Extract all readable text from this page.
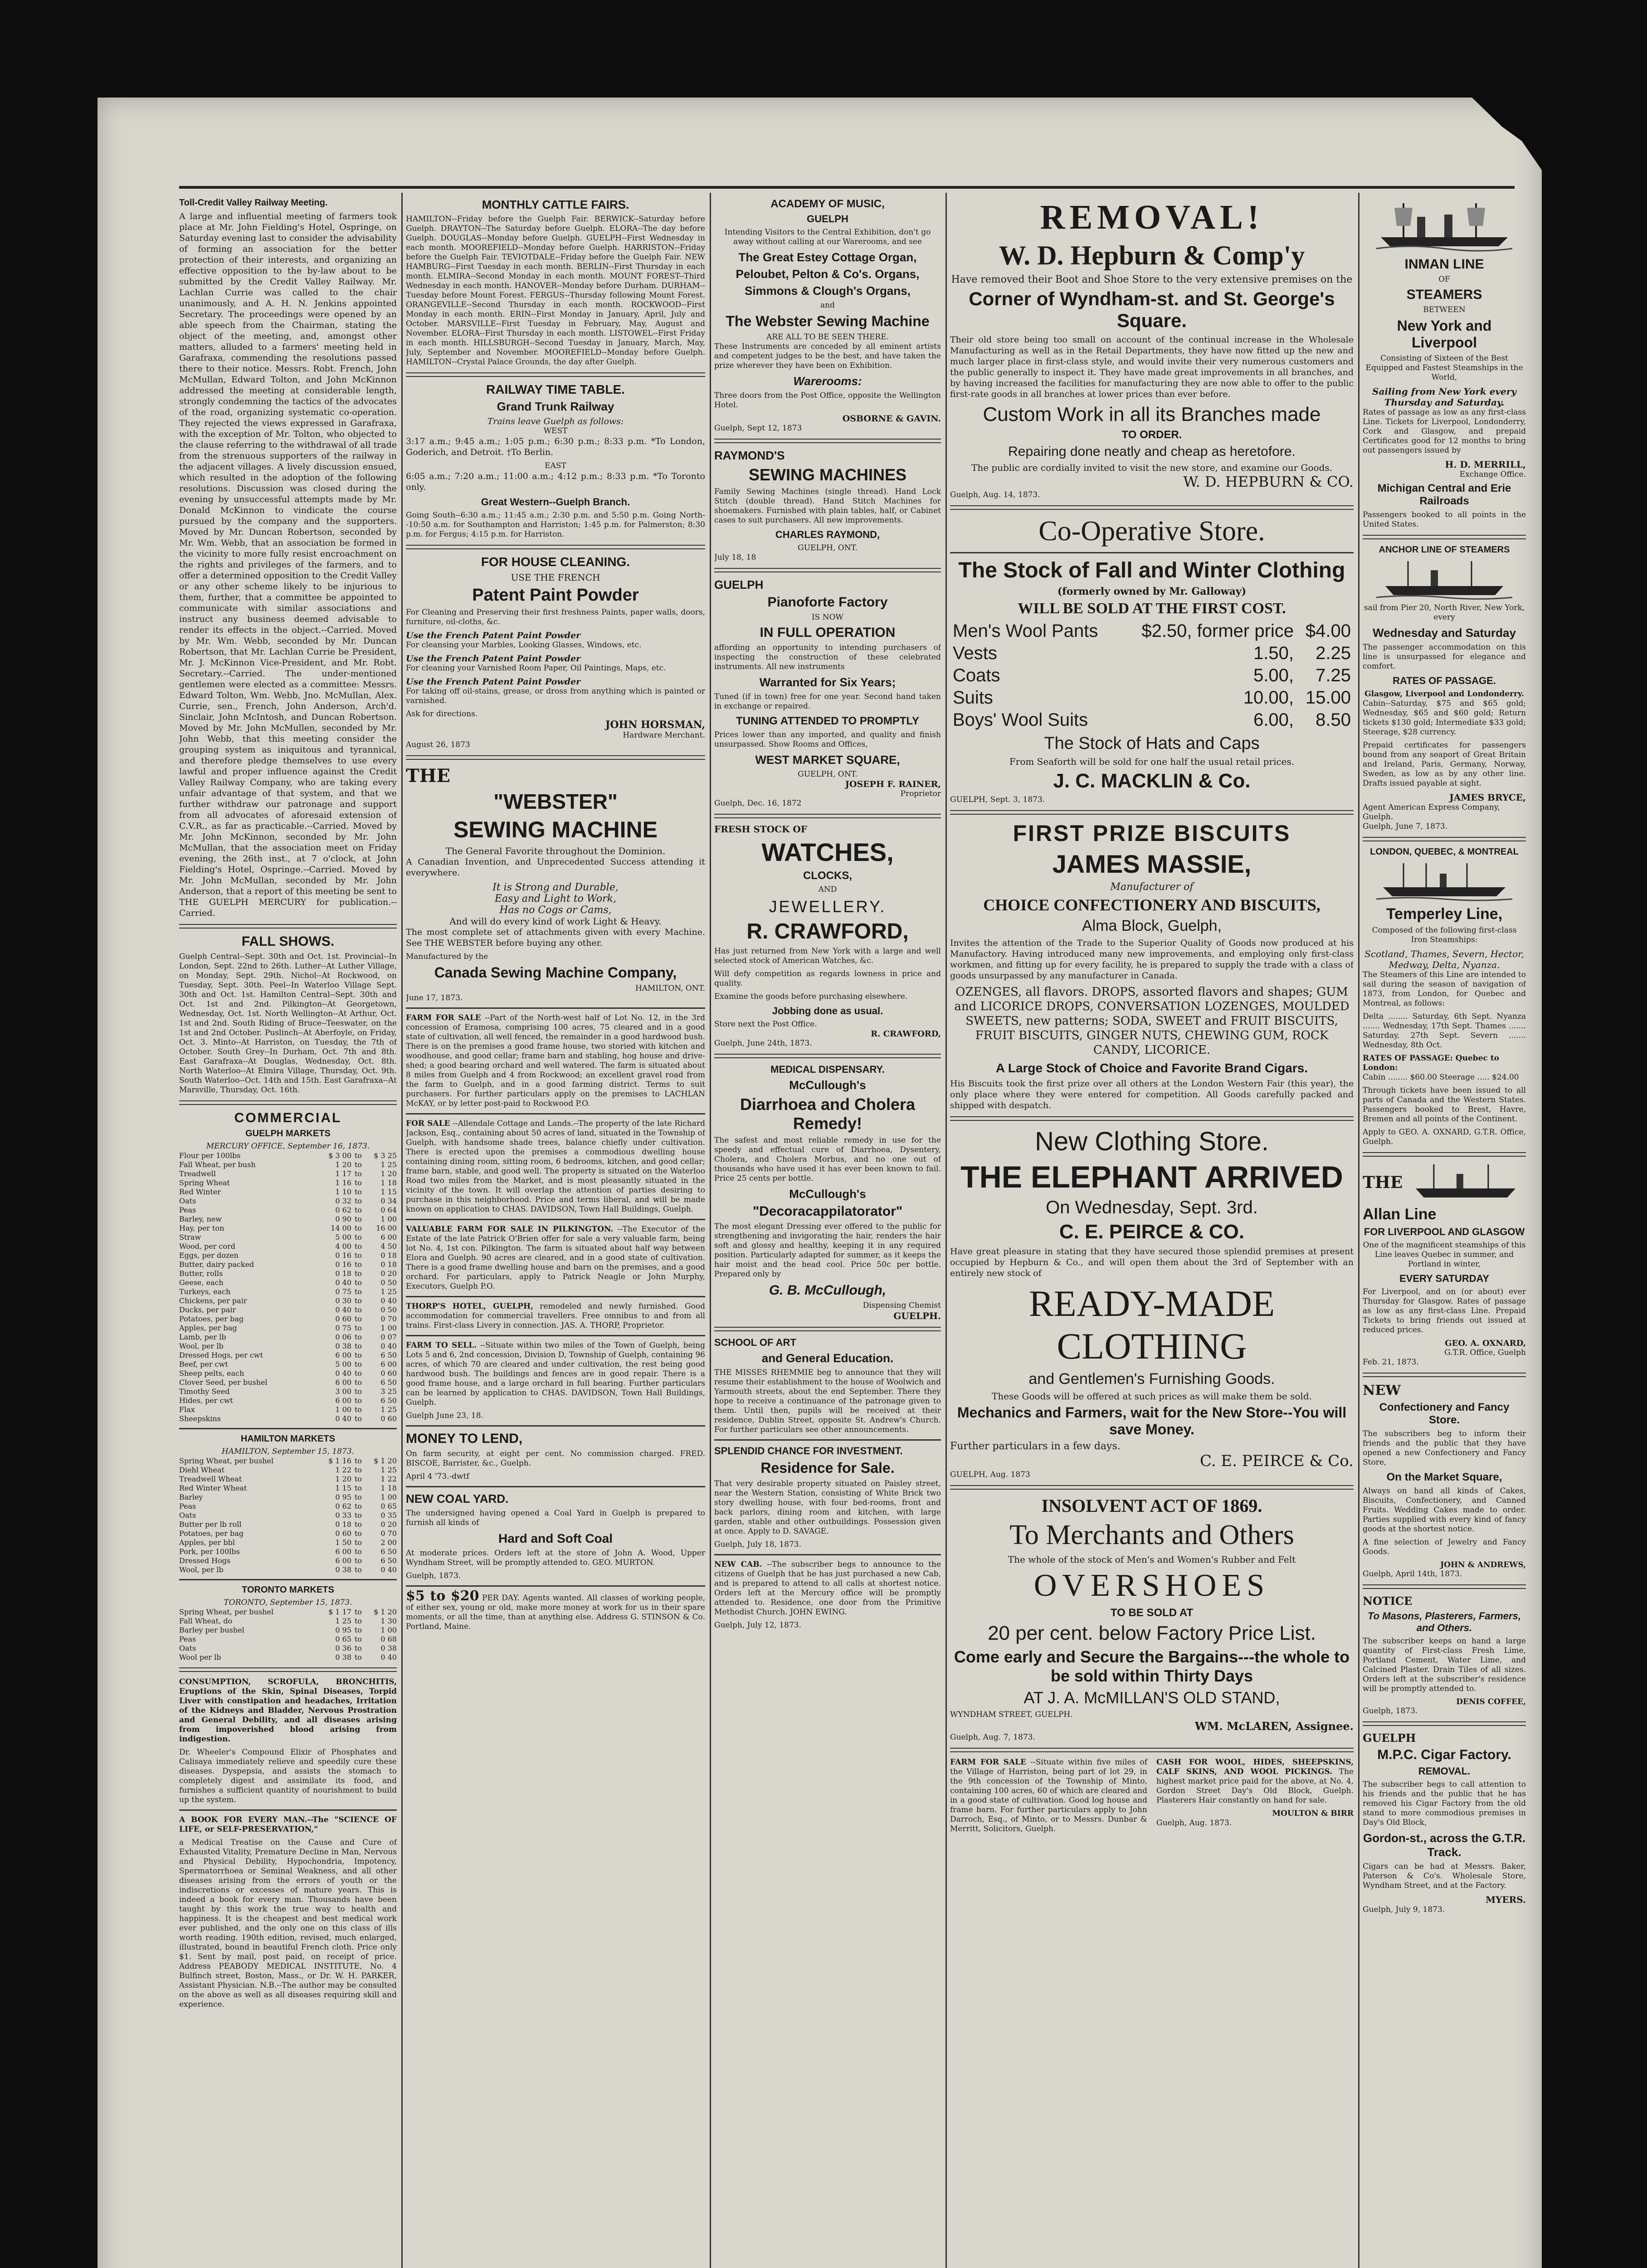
Toll-Credit Valley Railway Meeting.

A large and influential meeting of farmers took place at Mr. John Fielding's Hotel, Ospringe, on Saturday evening last to consider the advisability of forming an association for the better protection of their interests, and organizing an effective opposition to the by-law about to be submitted by the Credit Valley Railway. Mr. Lachlan Currie was called to the chair unanimously, and A. H. N. Jenkins appointed Secretary. The proceedings were opened by an able speech from the Chairman, stating the object of the meeting, and, amongst other matters, alluded to a farmers' meeting held in Garafraxa, commending the resolutions passed there to their notice. Messrs. Robt. French, John McMullan, Edward Tolton, and John McKinnon addressed the meeting at considerable length, strongly condemning the tactics of the advocates of the road, organizing systematic co-operation. They rejected the views expressed in Garafraxa, with the exception of Mr. Tolton, who objected to the clause referring to the withdrawal of all trade from the strenuous supporters of the railway in the adjacent villages. A lively discussion ensued, which resulted in the adoption of the following resolutions. Discussion was closed during the evening by unsuccessful attempts made by Mr. Donald McKinnon to vindicate the course pursued by the company and the supporters. Moved by Mr. Duncan Robertson, seconded by Mr. Wm. Webb, that an association be formed in the vicinity to more fully resist encroachment on the rights and privileges of the farmers, and to offer a determined opposition to the Credit Valley or any other scheme likely to be injurious to them, further, that a committee be appointed to communicate with similar associations and instruct any business deemed advisable to render its effects in the object.--Carried. Moved by Mr. Wm. Webb, seconded by Mr. Duncan Robertson, that Mr. Lachlan Currie be President, Mr. J. McKinnon Vice-President, and Mr. Robt. Secretary.--Carried. The under-mentioned gentlemen were elected as a committee: Messrs. Edward Tolton, Wm. Webb, Jno. McMullan, Alex. Currie, sen., French, John Anderson, Arch'd. Sinclair, John McIntosh, and Duncan Robertson. Moved by Mr. John McMullen, seconded by Mr. John Webb, that this meeting consider the grouping system as iniquitous and tyrannical, and therefore pledge themselves to use every lawful and proper influence against the Credit Valley Railway Company, who are taking every unfair advantage of that system, and that we further withdraw our patronage and support from all advocates of aforesaid extension of C.V.R., as far as practicable.--Carried. Moved by Mr. John McKinnon, seconded by Mr. John McMullan, that the association meet on Friday evening, the 26th inst., at 7 o'clock, at John Fielding's Hotel, Ospringe.--Carried. Moved by Mr. John McMullan, seconded by Mr. John Anderson, that a report of this meeting be sent to THE GUELPH MERCURY for publication.--Carried.

FALL SHOWS.

Guelph Central--Sept. 30th and Oct. 1st. Provincial--In London, Sept. 22nd to 26th. Luther--At Luther Village, on Monday, Sept. 29th. Nichol--At Rockwood, on Tuesday, Sept. 30th. Peel--In Waterloo Village Sept. 30th and Oct. 1st. Hamilton Central--Sept. 30th and Oct. 1st and 2nd. Pilkington--At Georgetown, Wednesday, Oct. 1st. North Wellington--At Arthur, Oct. 1st and 2nd. South Riding of Bruce--Teeswater, on the 1st and 2nd October. Puslinch--At Aberfoyle, on Friday, Oct. 3. Minto--At Harriston, on Tuesday, the 7th of October. South Grey--In Durham, Oct. 7th and 8th. East Garafraxa--At Douglas, Wednesday, Oct. 8th. North Waterloo--At Elmira Village, Thursday, Oct. 9th. South Waterloo--Oct. 14th and 15th. East Garafraxa--At Marsville, Thursday, Oct. 16th.

COMMERCIAL
GUELPH MARKETS
MERCURY OFFICE, September 16, 1873.
Flour per 100lbs	$ 3 00 to	$ 3 25
Fall Wheat, per bush	1 20 to	1 25
Treadwell	1 17 to	1 20
Spring Wheat	1 16 to	1 18
Red Winter	1 10 to	1 15
Oats	0 32 to	0 34
Peas	0 62 to	0 64
Barley, new	0 90 to	1 00
Hay, per ton	14 00 to	16 00
Straw	5 00 to	6 00
Wood, per cord	4 00 to	4 50
Eggs, per dozen	0 16 to	0 18
Butter, dairy packed	0 16 to	0 18
Butter, rolls	0 18 to	0 20
Geese, each	0 40 to	0 50
Turkeys, each	0 75 to	1 25
Chickens, per pair	0 30 to	0 40
Ducks, per pair	0 40 to	0 50
Potatoes, per bag	0 60 to	0 70
Apples, per bag	0 75 to	1 00
Lamb, per lb	0 06 to	0 07
Wool, per lb	0 38 to	0 40
Dressed Hogs, per cwt	6 00 to	6 50
Beef, per cwt	5 00 to	6 00
Sheep pelts, each	0 40 to	0 60
Clover Seed, per bushel	6 00 to	6 50
Timothy Seed	3 00 to	3 25
Hides, per cwt	6 00 to	6 50
Flax	1 00 to	1 25
Sheepskins	0 40 to	0 60
HAMILTON MARKETS
HAMILTON, September 15, 1873.
Spring Wheat, per bushel	$ 1 16 to	$ 1 20
Diehl Wheat	1 22 to	1 25
Treadwell Wheat	1 20 to	1 22
Red Winter Wheat	1 15 to	1 18
Barley	0 95 to	1 00
Peas	0 62 to	0 65
Oats	0 33 to	0 35
Butter per lb roll	0 18 to	0 20
Potatoes, per bag	0 60 to	0 70
Apples, per bbl	1 50 to	2 00
Pork, per 100lbs	6 00 to	6 50
Dressed Hogs	6 00 to	6 50
Wool, per lb	0 38 to	0 40
TORONTO MARKETS
TORONTO, September 15, 1873.
Spring Wheat, per bushel	$ 1 17 to	$ 1 20
Fall Wheat, do	1 25 to	1 30
Barley per bushel	0 95 to	1 00
Peas	0 65 to	0 68
Oats	0 36 to	0 38
Wool per lb	0 38 to	0 40

CONSUMPTION, SCROFULA, BRONCHITIS, Eruptions of the Skin, Spinal Diseases, Torpid Liver with constipation and headaches, Irritation of the Kidneys and Bladder, Nervous Prostration and General Debility, and all diseases arising from impoverished blood arising from indigestion.

Dr. Wheeler's Compound Elixir of Phosphates and Calisaya immediately relieve and speedily cure these diseases. Dyspepsia, and assists the stomach to completely digest and assimilate its food, and furnishes a sufficient quantity of nourishment to build up the system.

A BOOK FOR EVERY MAN.--The "SCIENCE OF LIFE, or SELF-PRESERVATION,"

a Medical Treatise on the Cause and Cure of Exhausted Vitality, Premature Decline in Man, Nervous and Physical Debility, Hypochondria, Impotency, Spermatorrhoea or Seminal Weakness, and all other diseases arising from the errors of youth or the indiscretions or excesses of mature years. This is indeed a book for every man. Thousands have been taught by this work the true way to health and happiness. It is the cheapest and best medical work ever published, and the only one on this class of ills worth reading. 190th edition, revised, much enlarged, illustrated, bound in beautiful French cloth. Price only $1. Sent by mail, post paid, on receipt of price. Address PEABODY MEDICAL INSTITUTE, No. 4 Bulfinch street, Boston, Mass., or Dr. W. H. PARKER, Assistant Physician. N.B.--The author may be consulted on the above as well as all diseases requiring skill and experience.

MONTHLY CATTLE FAIRS.

HAMILTON--Friday before the Guelph Fair. BERWICK--Saturday before Guelph. DRAYTON--The Saturday before Guelph. ELORA--The day before Guelph. DOUGLAS--Monday before Guelph. GUELPH--First Wednesday in each month. MOOREFIELD--Monday before Guelph. HARRISTON--Friday before the Guelph Fair. TEVIOTDALE--Friday before the Guelph Fair. NEW HAMBURG--First Tuesday in each month. BERLIN--First Thursday in each month. ELMIRA--Second Monday in each month. MOUNT FOREST--Third Wednesday in each month. HANOVER--Monday before Durham. DURHAM--Tuesday before Mount Forest. FERGUS--Thursday following Mount Forest. ORANGEVILLE--Second Thursday in each month. ROCKWOOD--First Monday in each month. ERIN--First Monday in January, April, July and October. MARSVILLE--First Tuesday in February, May, August and November. ELORA--First Thursday in each month. LISTOWEL--First Friday in each month. HILLSBURGH--Second Tuesday in January, March, May, July, September and November. MOOREFIELD--Monday before Guelph. HAMILTON--Crystal Palace Grounds, the day after Guelph.

RAILWAY TIME TABLE.
Grand Trunk Railway
Trains leave Guelph as follows:
WEST

3:17 a.m.; 9:45 a.m.; 1:05 p.m.; 6:30 p.m.; 8:33 p.m. *To London, Goderich, and Detroit. †To Berlin.

EAST

6:05 a.m.; 7:20 a.m.; 11:00 a.m.; 4:12 p.m.; 8:33 p.m. *To Toronto only.

Great Western--Guelph Branch.

Going South--6:30 a.m.; 11:45 a.m.; 2:30 p.m. and 5:50 p.m. Going North--10:50 a.m. for Southampton and Harriston; 1:45 p.m. for Palmerston; 8:30 p.m. for Fergus; 4:15 p.m. for Harriston.

FOR HOUSE CLEANING.
USE THE FRENCH
Patent Paint Powder

For Cleaning and Preserving their first freshness Paints, paper walls, doors, furniture, oil-cloths, &c.

Use the French Patent Paint Powder

For cleansing your Marbles, Looking Glasses, Windows, etc.

Use the French Patent Paint Powder

For cleaning your Varnished Room Paper, Oil Paintings, Maps, etc.

Use the French Patent Paint Powder

For taking off oil-stains, grease, or dross from anything which is painted or varnished.

Ask for directions.
JOHN HORSMAN,
Hardware Merchant.
August 26, 1873
THE
"WEBSTER"
SEWING MACHINE
The General Favorite throughout the Dominion.

A Canadian Invention, and Unprecedented Success attending it everywhere.

It is Strong and Durable,
Easy and Light to Work,
Has no Cogs or Cams,
And will do every kind of work Light & Heavy.

The most complete set of attachments given with every Machine. See THE WEBSTER before buying any other.

Manufactured by the
Canada Sewing Machine Company,
HAMILTON, ONT.
June 17, 1873.

FARM FOR SALE --Part of the North-west half of Lot No. 12, in the 3rd concession of Eramosa, comprising 100 acres, 75 cleared and in a good state of cultivation, all well fenced, the remainder in a good hardwood bush. There is on the premises a good frame house, two storied with kitchen and woodhouse, and good cellar; frame barn and stabling, hog house and drive-shed; a good bearing orchard and well watered. The farm is situated about 8 miles from Guelph and 4 from Rockwood; an excellent gravel road from the farm to Guelph, and in a good farming district. Terms to suit purchasers. For further particulars apply on the premises to LACHLAN McKAY, or by letter post-paid to Rockwood P.O.

FOR SALE --Allendale Cottage and Lands.--The property of the late Richard Jackson, Esq., containing about 50 acres of land, situated in the Township of Guelph, with handsome shade trees, balance chiefly under cultivation. There is erected upon the premises a commodious dwelling house containing dining room, sitting room, 6 bedrooms, kitchen, and good cellar; frame barn, stable, and good well. The property is situated on the Waterloo Road two miles from the Market, and is most pleasantly situated in the vicinity of the town. It will overlap the attention of parties desiring to purchase in this neighborhood. Price and terms liberal, and will be made known on application to CHAS. DAVIDSON, Town Hall Buildings, Guelph.

VALUABLE FARM FOR SALE IN PILKINGTON. --The Executor of the Estate of the late Patrick O'Brien offer for sale a very valuable farm, being lot No. 4, 1st con. Pilkington. The farm is situated about half way between Elora and Guelph. 90 acres are cleared, and in a good state of cultivation. There is a good frame dwelling house and barn on the premises, and a good orchard. For particulars, apply to Patrick Neagle or John Murphy, Executors, Guelph P.O.

THORP'S HOTEL, GUELPH, remodeled and newly furnished. Good accommodation for commercial travellers. Free omnibus to and from all trains. First-class Livery in connection. JAS. A. THORP, Proprietor.

FARM TO SELL. --Situate within two miles of the Town of Guelph, being Lots 5 and 6, 2nd concession, Division D, Township of Guelph, containing 96 acres, of which 70 are cleared and under cultivation, the rest being good hardwood bush. The buildings and fences are in good repair. There is a good frame house, and a large orchard in full bearing. Further particulars can be learned by application to CHAS. DAVIDSON, Town Hall Buildings, Guelph.

Guelph June 23, 18.
MONEY TO LEND,

On farm security, at eight per cent. No commission charged. FRED. BISCOE, Barrister, &c., Guelph.

April 4 '73.-dwtf
NEW COAL YARD.

The undersigned having opened a Coal Yard in Guelph is prepared to furnish all kinds of

Hard and Soft Coal

At moderate prices. Orders left at the store of John A. Wood, Upper Wyndham Street, will be promptly attended to. GEO. MURTON.

Guelph, 1873.

$5 to $20 PER DAY. Agents wanted. All classes of working people, of either sex, young or old, make more money at work for us in their spare moments, or all the time, than at anything else. Address G. STINSON & Co. Portland, Maine.

ACADEMY OF MUSIC,
GUELPH

Intending Visitors to the Central Exhibition, don't go away without calling at our Warerooms, and see

The Great Estey Cottage Organ,
Peloubet, Pelton & Co's. Organs,
Simmons & Clough's Organs,
and
The Webster Sewing Machine
ARE ALL TO BE SEEN THERE.

These Instruments are conceded by all eminent artists and competent judges to be the best, and have taken the prize wherever they have been on Exhibition.

Warerooms:

Three doors from the Post Office, opposite the Wellington Hotel.

OSBORNE & GAVIN.
Guelph, Sept 12, 1873
RAYMOND'S
SEWING MACHINES

Family Sewing Machines (single thread). Hand Lock Stitch (double thread). Hand Stitch Machines for shoemakers. Furnished with plain tables, half, or Cabinet cases to suit purchasers. All new improvements.

CHARLES RAYMOND,
GUELPH, ONT.
July 18, 18
GUELPH
Pianoforte Factory
IS NOW
IN FULL OPERATION

affording an opportunity to intending purchasers of inspecting the construction of these celebrated instruments. All new instruments

Warranted for Six Years;

Tuned (if in town) free for one year. Second hand taken in exchange or repaired.

TUNING ATTENDED TO PROMPTLY

Prices lower than any imported, and quality and finish unsurpassed. Show Rooms and Offices,

WEST MARKET SQUARE,
GUELPH, ONT.
JOSEPH F. RAINER,
Proprietor
Guelph, Dec. 16, 1872
FRESH STOCK OF
WATCHES,
CLOCKS,
AND
JEWELLERY.
R. CRAWFORD,

Has just returned from New York with a large and well selected stock of American Watches, &c.

Will defy competition as regards lowness in price and quality.

Examine the goods before purchasing elsewhere.

Jobbing done as usual.
Store next the Post Office.
R. CRAWFORD,
Guelph, June 24th, 1873.
MEDICAL DISPENSARY.
McCullough's
Diarrhoea and Cholera Remedy!

The safest and most reliable remedy in use for the speedy and effectual cure of Diarrhoea, Dysentery, Cholera, and Cholera Morbus, and no one out of thousands who have used it has ever been known to fail. Price 25 cents per bottle.

McCullough's
"Decoracappilatorator"

The most elegant Dressing ever offered to the public for strengthening and invigorating the hair, renders the hair soft and glossy and healthy, keeping it in any required position. Particularly adapted for summer, as it keeps the hair moist and the head cool. Price 50c per bottle. Prepared only by

G. B. McCullough,
Dispensing Chemist
GUELPH.
SCHOOL OF ART
and General Education.

THE MISSES RHEMMIE beg to announce that they will resume their establishment to the house of Woolwich and Yarmouth streets, about the end September. There they hope to receive a continuance of the patronage given to them. Until then, pupils will be received at their residence, Dublin Street, opposite St. Andrew's Church. For further particulars see other announcements.

SPLENDID CHANCE FOR INVESTMENT.
Residence for Sale.

That very desirable property situated on Paisley street, near the Western Station, consisting of White Brick two story dwelling house, with four bed-rooms, front and back parlors, dining room and kitchen, with large garden, stable and other outbuildings. Possession given at once. Apply to D. SAVAGE.

Guelph, July 18, 1873.

NEW CAB. --The subscriber begs to announce to the citizens of Guelph that he has just purchased a new Cab, and is prepared to attend to all calls at shortest notice. Orders left at the Mercury office will be promptly attended to. Residence, one door from the Primitive Methodist Church. JOHN EWING.

Guelph, July 12, 1873.
REMOVAL!
W. D. Hepburn & Comp'y
Have removed their Boot and Shoe Store to the very extensive premises on the
Corner of Wyndham-st. and St. George's Square.

Their old store being too small on account of the continual increase in the Wholesale Manufacturing as well as in the Retail Departments, they have now fitted up the new and much larger place in first-class style, and would invite their very numerous customers and the public generally to inspect it. They have made great improvements in all branches, and by having increased the facilities for manufacturing they are now able to offer to the public first-rate goods in all branches at lower prices than ever before.

Custom Work in all its Branches made
TO ORDER.
Repairing done neatly and cheap as heretofore.
The public are cordially invited to visit the new store, and examine our Goods.
W. D. HEPBURN & CO.
Guelph, Aug. 14, 1873.
Co-Operative Store.
The Stock of Fall and Winter Clothing
(formerly owned by Mr. Galloway)
WILL BE SOLD AT THE FIRST COST.
Men's Wool Pants	$2.50, former price	$4.00
Vests	1.50,	2.25
Coats	5.00,	7.25
Suits	10.00,	15.00
Boys' Wool Suits	6.00,	8.50
The Stock of Hats and Caps
From Seaforth will be sold for one half the usual retail prices.
J. C. MACKLIN & Co.
GUELPH, Sept. 3, 1873.
FIRST PRIZE BISCUITS
JAMES MASSIE,
Manufacturer of
CHOICE CONFECTIONERY AND BISCUITS,
Alma Block, Guelph,

Invites the attention of the Trade to the Superior Quality of Goods now produced at his Manufactory. Having introduced many new improvements, and employing only first-class workmen, and fitting up for every facility, he is prepared to supply the trade with a class of goods unsurpassed by any manufacturer in Canada.

OZENGES, all flavors. DROPS, assorted flavors and shapes; GUM and LICORICE DROPS, CONVERSATION LOZENGES, MOULDED SWEETS, new patterns; SODA, SWEET and FRUIT BISCUITS, FRUIT BISCUITS, GINGER NUTS, CHEWING GUM, ROCK CANDY, LICORICE.

A Large Stock of Choice and Favorite Brand Cigars.

His Biscuits took the first prize over all others at the London Western Fair (this year), the only place where they were entered for competition. All Goods carefully packed and shipped with despatch.

New Clothing Store.
THE ELEPHANT ARRIVED
On Wednesday, Sept. 3rd.
C. E. PEIRCE & CO.

Have great pleasure in stating that they have secured those splendid premises at present occupied by Hepburn & Co., and will open them about the 3rd of September with an entirely new stock of

READY-MADE CLOTHING
and Gentlemen's Furnishing Goods.
These Goods will be offered at such prices as will make them be sold.
Mechanics and Farmers, wait for the New Store--You will save Money.
Further particulars in a few days.
C. E. PEIRCE & Co.
GUELPH, Aug. 1873
INSOLVENT ACT OF 1869.
To Merchants and Others
The whole of the stock of Men's and Women's Rubber and Felt
OVERSHOES
TO BE SOLD AT
20 per cent. below Factory Price List.
Come early and Secure the Bargains---the whole to be sold within Thirty Days
AT J. A. McMILLAN'S OLD STAND,
WYNDHAM STREET, GUELPH.
WM. McLAREN, Assignee.
Guelph, Aug. 7, 1873.

FARM FOR SALE --Situate within five miles of the Village of Harriston, being part of lot 29, in the 9th concession of the Township of Minto, containing 100 acres, 60 of which are cleared and in a good state of cultivation. Good log house and frame barn. For further particulars apply to John Darroch, Esq., of Minto, or to Messrs. Dunbar & Merritt, Solicitors, Guelph.

CASH FOR WOOL, HIDES, SHEEPSKINS, CALF SKINS, AND WOOL PICKINGS. The highest market price paid for the above, at No. 4, Gordon Street Day's Old Block, Guelph. Plasterers Hair constantly on hand for sale.

MOULTON & BIRR
Guelph, Aug. 1873.
INMAN LINE
OF
STEAMERS
BETWEEN
New York and Liverpool

Consisting of Sixteen of the Best Equipped and Fastest Steamships in the World,

Sailing from New York every Thursday and Saturday.

Rates of passage as low as any first-class Line. Tickets for Liverpool, Londonderry, Cork and Glasgow, and prepaid Certificates good for 12 months to bring out passengers issued by

H. D. MERRILL,
Exchange Office.
Michigan Central and Erie Railroads

Passengers booked to all points in the United States.

ANCHOR LINE OF STEAMERS

sail from Pier 20, North River, New York, every

Wednesday and Saturday

The passenger accommodation on this line is unsurpassed for elegance and comfort.

RATES OF PASSAGE.
Glasgow, Liverpool and Londonderry.

Cabin--Saturday, $75 and $65 gold; Wednesday, $65 and $60 gold; Return tickets $130 gold; Intermediate $33 gold; Steerage, $28 currency.

Prepaid certificates for passengers bound from any seaport of Great Britain and Ireland, Paris, Germany, Norway, Sweden, as low as by any other line. Drafts issued payable at sight.

JAMES BRYCE,
Agent American Express Company, Guelph.
Guelph, June 7, 1873.
LONDON, QUEBEC, & MONTREAL
Temperley Line,

Composed of the following first-class Iron Steamships:

Scotland, Thames, Severn, Hector, Medway, Delta, Nyanza.

The Steamers of this Line are intended to sail during the season of navigation of 1873, from London, for Quebec and Montreal, as follows:

Delta ........ Saturday, 6th Sept. Nyanza ....... Wednesday, 17th Sept. Thames ....... Saturday, 27th Sept. Severn ....... Wednesday, 8th Oct.

RATES OF PASSAGE: Quebec to London:

Cabin ........ $60.00 Steerage ..... $24.00

Through tickets have been issued to all parts of Canada and the Western States. Passengers booked to Brest, Havre, Bremen and all points of the Continent.

Apply to GEO. A. OXNARD, G.T.R. Office, Guelph.

THE
Allan Line
FOR LIVERPOOL AND GLASGOW

One of the magnificent steamships of this Line leaves Quebec in summer, and Portland in winter,

EVERY SATURDAY

For Liverpool, and on (or about) ever Thursday for Glasgow. Rates of passage as low as any first-class Line. Prepaid Tickets to bring friends out issued at reduced prices.

GEO. A. OXNARD,
G.T.R. Office, Guelph
Feb. 21, 1873.
NEW
Confectionery and Fancy Store.

The subscribers beg to inform their friends and the public that they have opened a new Confectionery and Fancy Store,

On the Market Square,

Always on hand all kinds of Cakes, Biscuits, Confectionery, and Canned Fruits. Wedding Cakes made to order. Parties supplied with every kind of fancy goods at the shortest notice.

A fine selection of Jewelry and Fancy Goods.

JOHN & ANDREWS,
Guelph, April 14th, 1873.
NOTICE
To Masons, Plasterers, Farmers, and Others.

The subscriber keeps on hand a large quantity of First-class Fresh Lime, Portland Cement, Water Lime, and Calcined Plaster. Drain Tiles of all sizes. Orders left at the subscriber's residence will be promptly attended to.

DENIS COFFEE,
Guelph, 1873.
GUELPH
M.P.C. Cigar Factory.
REMOVAL.

The subscriber begs to call attention to his friends and the public that he has removed his Cigar Factory from the old stand to more commodious premises in Day's Old Block,

Gordon-st., across the G.T.R. Track.

Cigars can be had at Messrs. Baker, Paterson & Co's. Wholesale Store, Wyndham Street, and at the Factory.

MYERS.
Guelph, July 9, 1873.
